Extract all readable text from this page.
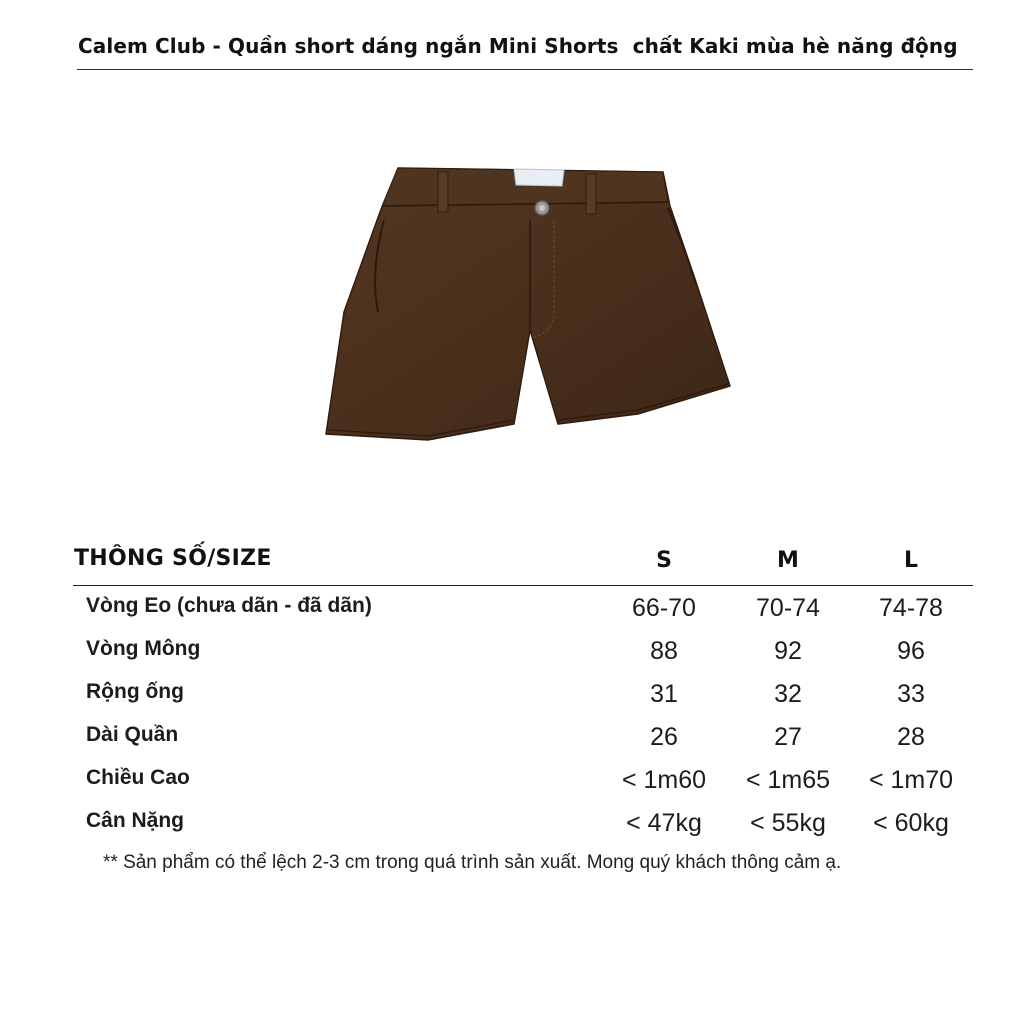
Calem Club - Quần short dáng ngắn Mini Shorts  chất Kaki mùa hè năng động
THÔNG SỐ/SIZE	S	M	L
Vòng Eo (chưa dãn - đã dãn)	66-70	70-74	74-78
Vòng Mông	88	92	96
Rộng ống	31	32	33
Dài Quần	26	27	28
Chiều Cao	< 1m60	< 1m65	< 1m70
Cân Nặng	< 47kg	< 55kg	< 60kg
** Sản phẩm có thể lệch 2-3 cm trong quá trình sản xuất. Mong quý khách thông cảm ạ.
